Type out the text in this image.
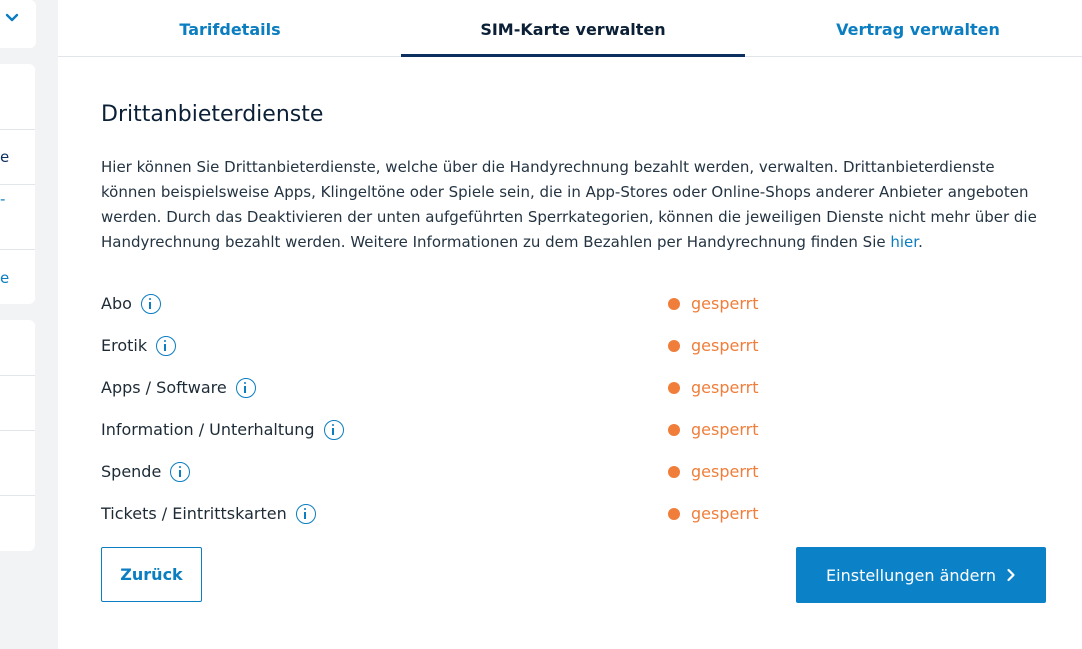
e
-
e
Tarifdetails	SIM-Karte verwalten	Vertrag verwalten
Drittanbieterdienste

Hier können Sie Drittanbieterdienste, welche über die Handyrechnung bezahlt werden, verwalten. Drittanbieterdienste können beispielsweise Apps, Klingeltöne oder Spiele sein, die in App-Stores oder Online-Shops anderer Anbieter angeboten werden. Durch das Deaktivieren der unten aufgeführten Sperrkategorien, können die jeweiligen Dienste nicht mehr über die Handyrechnung bezahlt werden. Weitere Informationen zu dem Bezahlen per Handyrechnung finden Sie hier.

Abo	gesperrt
Erotik	gesperrt
Apps / Software	gesperrt
Information / Unterhaltung	gesperrt
Spende	gesperrt
Tickets / Eintrittskarten	gesperrt
Zurück	Einstellungen ändern
